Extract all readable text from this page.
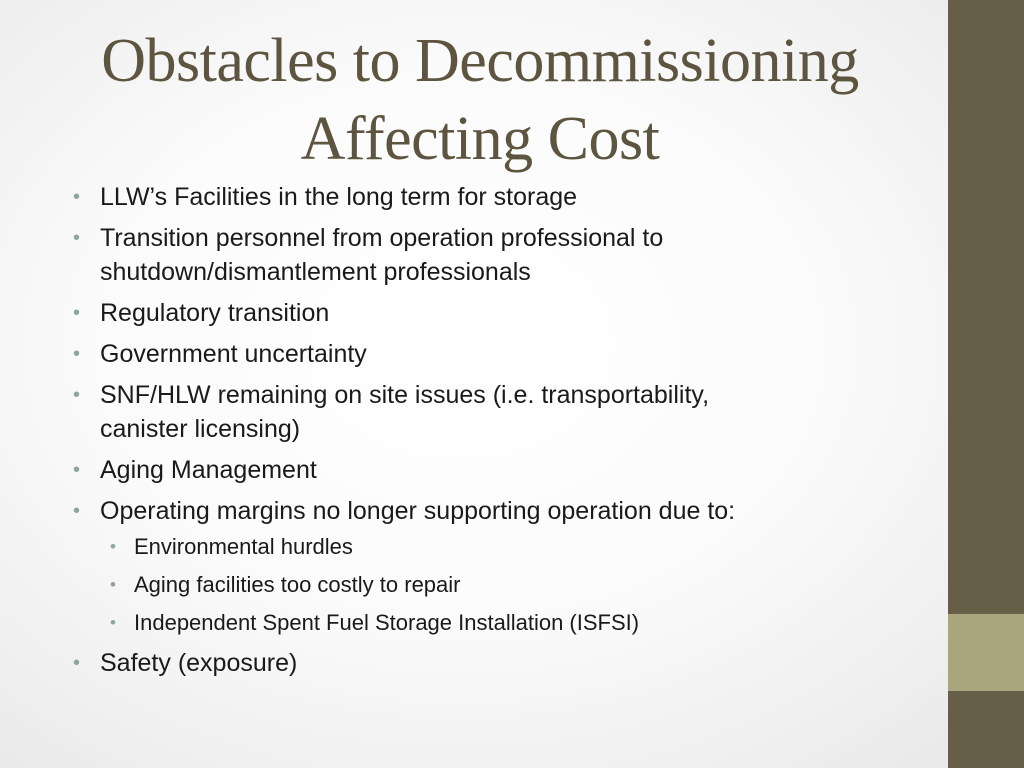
Obstacles to Decommissioning
Affecting Cost
• LLW’s Facilities in the long term for storage
• Transition personnel from operation professional to
shutdown/dismantlement professionals
• Regulatory transition
• Government uncertainty
• SNF/HLW remaining on site issues (i.e. transportability,
canister licensing)
• Aging Management
• Operating margins no longer supporting operation due to:
• Environmental hurdles
• Aging facilities too costly to repair
• Independent Spent Fuel Storage Installation (ISFSI)
• Safety (exposure)
